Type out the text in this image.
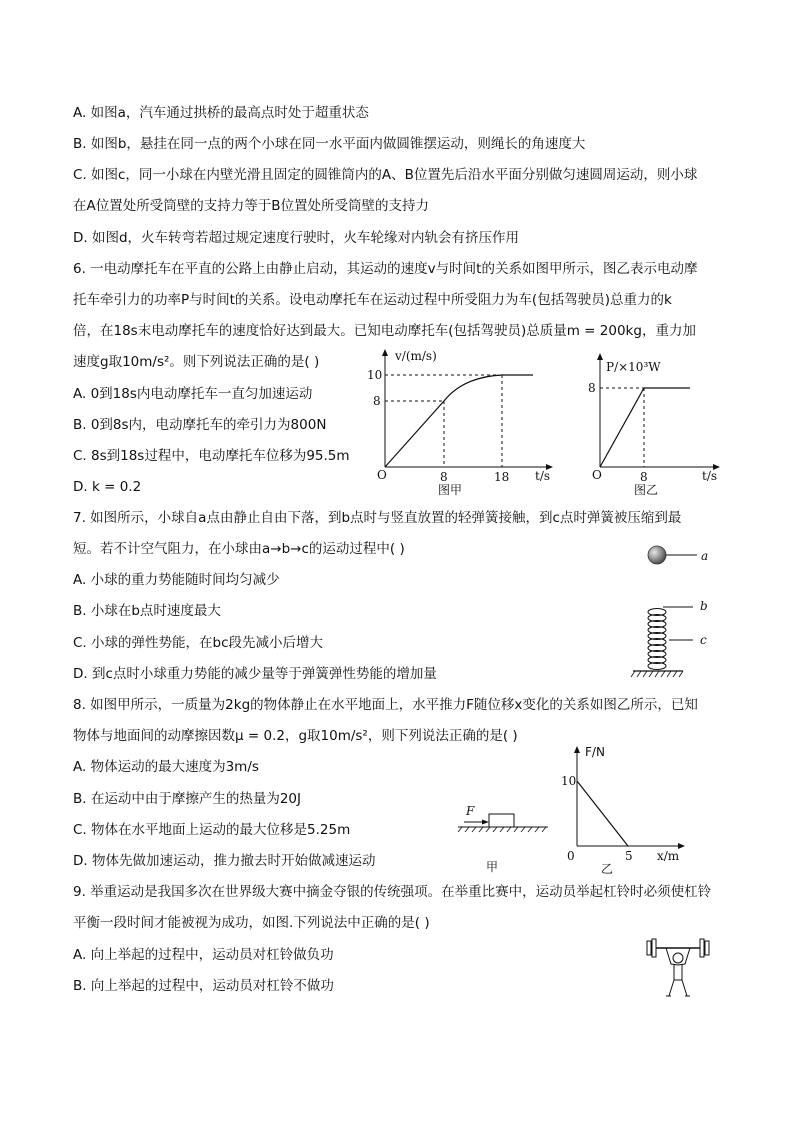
A. 如图a，汽车通过拱桥的最高点时处于超重状态
B. 如图b，悬挂在同一点的两个小球在同一水平面内做圆锥摆运动，则绳长的角速度大
C. 如图c，同一小球在内壁光滑且固定的圆锥筒内的A、B位置先后沿水平面分别做匀速圆周运动，则小球
在A位置处所受筒壁的支持力等于B位置处所受筒壁的支持力
D. 如图d，火车转弯若超过规定速度行驶时，火车轮缘对内轨会有挤压作用
6. 一电动摩托车在平直的公路上由静止启动，其运动的速度v与时间t的关系如图甲所示，图乙表示电动摩
托车牵引力的功率P与时间t的关系。设电动摩托车在运动过程中所受阻力为车(包括驾驶员)总重力的k
倍，在18s末电动摩托车的速度恰好达到最大。已知电动摩托车(包括驾驶员)总质量m = 200kg，重力加
速度g取10m/s²。则下列说法正确的是( )
A. 0到18s内电动摩托车一直匀加速运动
B. 0到8s内，电动摩托车的牵引力为800N
C. 8s到18s过程中，电动摩托车位移为95.5m
D. k = 0.2
v/(m/s)
t/s
O
10
8
8	18
图甲
P/×10³W
t/s
O
8
8
图乙
7. 如图所示，小球自a点由静止自由下落，到b点时与竖直放置的轻弹簧接触，到c点时弹簧被压缩到最
短。若不计空气阻力，在小球由a→b→c的运动过程中( )
A. 小球的重力势能随时间均匀减少
B. 小球在b点时速度最大
C. 小球的弹性势能，在bc段先减小后增大
D. 到c点时小球重力势能的减少量等于弹簧弹性势能的增加量
a
b
c
8. 如图甲所示，一质量为2kg的物体静止在水平地面上，水平推力F随位移x变化的关系如图乙所示，已知
物体与地面间的动摩擦因数μ = 0.2，g取10m/s²，则下列说法正确的是( )
A. 物体运动的最大速度为3m/s
B. 在运动中由于摩擦产生的热量为20J
C. 物体在水平地面上运动的最大位移是5.25m
D. 物体先做加速运动，推力撤去时开始做减速运动
F
甲
F/N
x/m
0
10
5
乙
9. 举重运动是我国多次在世界级大赛中摘金夺银的传统强项。在举重比赛中，运动员举起杠铃时必须使杠铃
平衡一段时间才能被视为成功，如图.下列说法中正确的是( )
A. 向上举起的过程中，运动员对杠铃做负功
B. 向上举起的过程中，运动员对杠铃不做功
